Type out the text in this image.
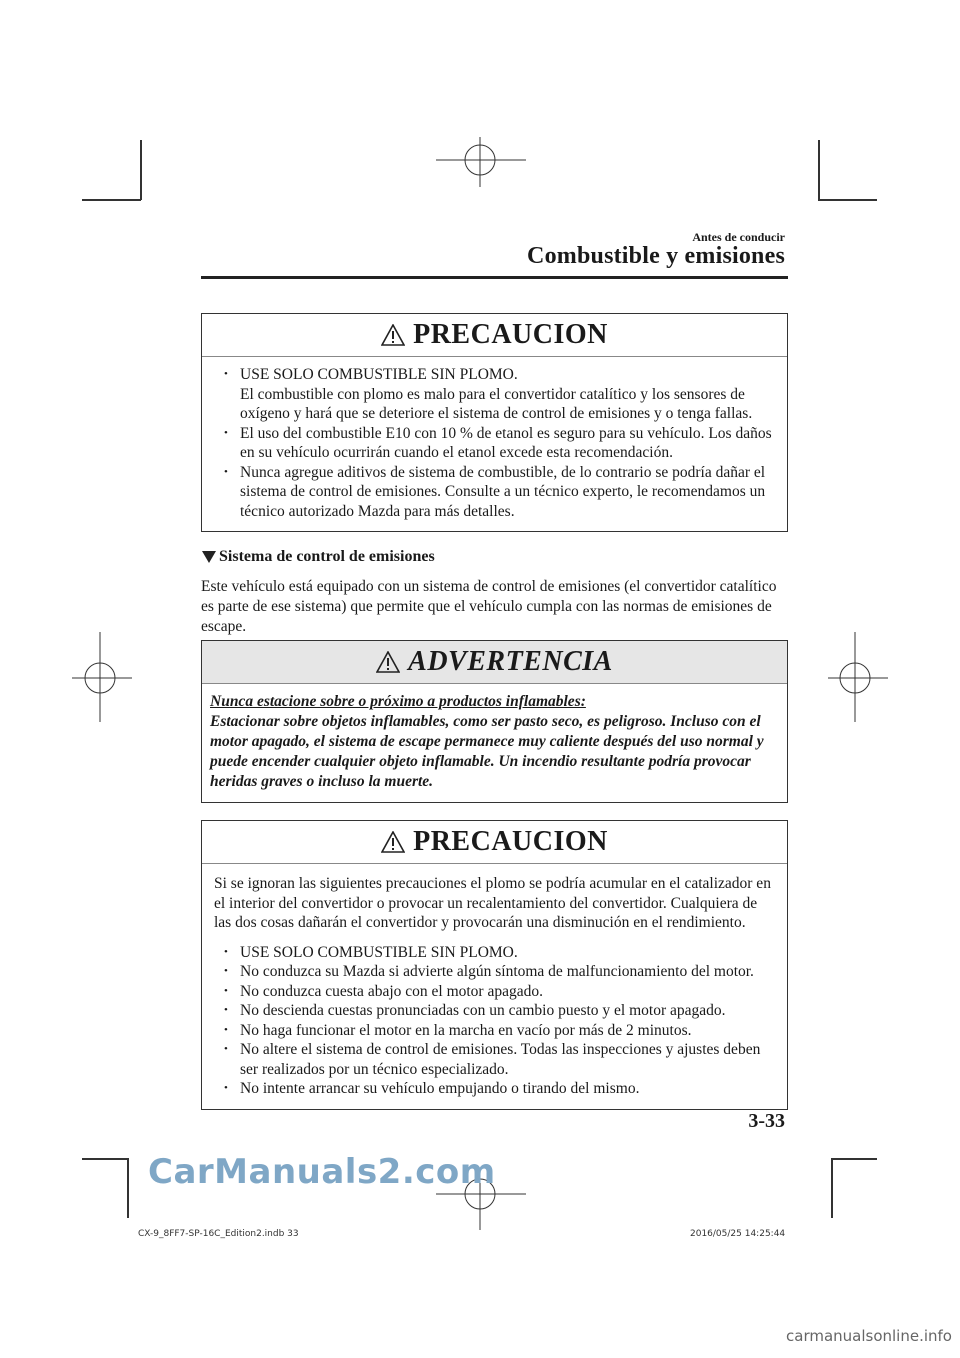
Antes de conducir
Combustible y emisiones
PRECAUCION
• USE SOLO COMBUSTIBLE SIN PLOMO.
El combustible con plomo es malo para el convertidor catalítico y los sensores de oxígeno y hará que se deteriore el sistema de control de emisiones y o tenga fallas.
• El uso del combustible E10 con 10 % de etanol es seguro para su vehículo. Los daños en su vehículo ocurrirán cuando el etanol excede esta recomendación.
• Nunca agregue aditivos de sistema de combustible, de lo contrario se podría dañar el sistema de control de emisiones. Consulte a un técnico experto, le recomendamos un técnico autorizado Mazda para más detalles.
Sistema de control de emisiones
Este vehículo está equipado con un sistema de control de emisiones (el convertidor catalítico es parte de ese sistema) que permite que el vehículo cumpla con las normas de emisiones de escape.
ADVERTENCIA
Nunca estacione sobre o próximo a productos inflamables:
Estacionar sobre objetos inflamables, como ser pasto seco, es peligroso. Incluso con el motor apagado, el sistema de escape permanece muy caliente después del uso normal y puede encender cualquier objeto inflamable. Un incendio resultante podría provocar heridas graves o incluso la muerte.
PRECAUCION
Si se ignoran las siguientes precauciones el plomo se podría acumular en el catalizador en el interior del convertidor o provocar un recalentamiento del convertidor. Cualquiera de las dos cosas dañarán el convertidor y provocarán una disminución en el rendimiento.
• USE SOLO COMBUSTIBLE SIN PLOMO.
• No conduzca su Mazda si advierte algún síntoma de malfuncionamiento del motor.
• No conduzca cuesta abajo con el motor apagado.
• No descienda cuestas pronunciadas con un cambio puesto y el motor apagado.
• No haga funcionar el motor en la marcha en vacío por más de 2 minutos.
• No altere el sistema de control de emisiones. Todas las inspecciones y ajustes deben ser realizados por un técnico especializado.
• No intente arrancar su vehículo empujando o tirando del mismo.
3-33
CarManuals2.com
CX-9_8FF7-SP-16C_Edition2.indb 33	2016/05/25 14:25:44
carmanualsonline.info
